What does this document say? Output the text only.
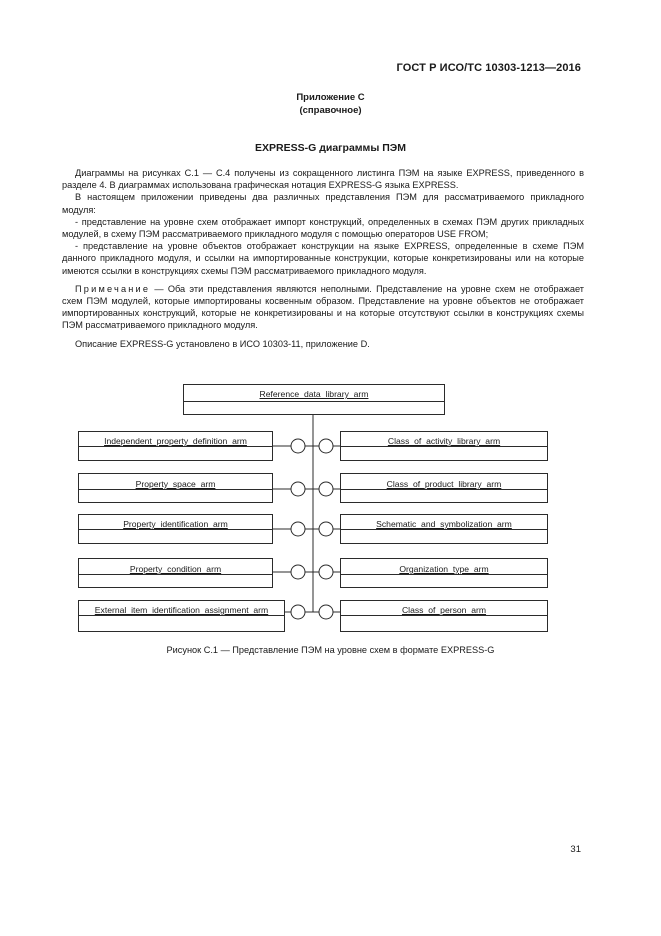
ГОСТ Р ИСО/ТС 10303-1213—2016
Приложение С
(справочное)
EXPRESS-G диаграммы ПЭМ

Диаграммы на рисунках С.1 — С.4 получены из сокращенного листинга ПЭМ на языке EXPRESS, приведенного в разделе 4. В диаграммах использована графическая нотация EXPRESS-G языка EXPRESS.

В настоящем приложении приведены два различных представления ПЭМ для рассматриваемого прикладного модуля:

- представление на уровне схем отображает импорт конструкций, определенных в схемах ПЭМ других прикладных модулей, в схему ПЭМ рассматриваемого прикладного модуля с помощью операторов USE FROM;

- представление на уровне объектов отображает конструкции на языке EXPRESS, определенные в схеме ПЭМ данного прикладного модуля, и ссылки на импортированные конструкции, которые конкретизированы или на которые имеются ссылки в конструкциях схемы ПЭМ рассматриваемого прикладного модуля.

Примечание — Оба эти представления являются неполными. Представление на уровне схем не отображает схем ПЭМ модулей, которые импортированы косвенным образом. Представление на уровне объектов не отображает импортированных конструкций, которые не конкретизированы и на которые отсутствуют ссылки в конструкциях схемы ПЭМ рассматриваемого прикладного модуля.

Описание EXPRESS-G установлено в ИСО 10303-11, приложение D.

Reference_data_library_arm
Independent_property_definition_arm
Property_space_arm
Property_identification_arm
Property_condition_arm
External_item_identification_assignment_arm
Class_of_activity_library_arm
Class_of_product_library_arm
Schematic_and_symbolization_arm
Organization_type_arm
Class_of_person_arm
Рисунок С.1 — Представление ПЭМ на уровне схем в формате EXPRESS-G
31
